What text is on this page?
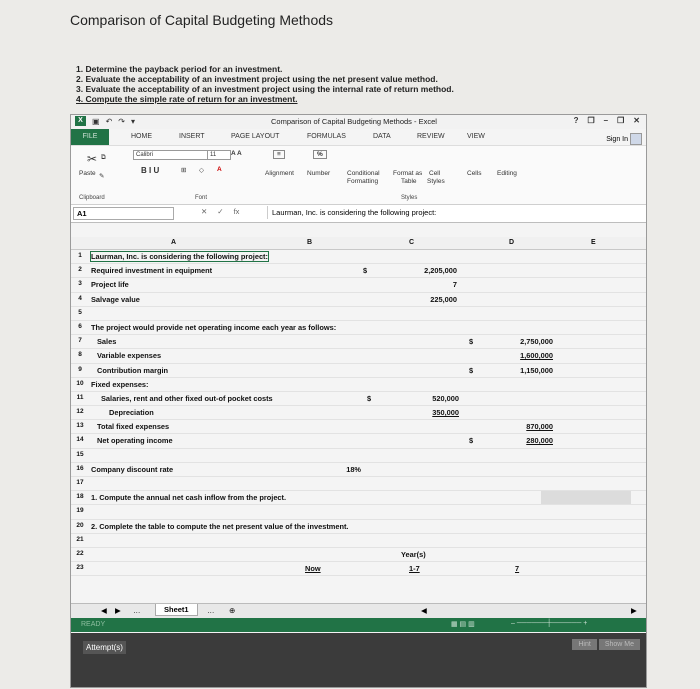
Comparison of Capital Budgeting Methods
1. Determine the payback period for an investment.
2. Evaluate the acceptability of an investment project using the net present value method.
3. Evaluate the acceptability of an investment project using the internal rate of return method.
4. Compute the simple rate of return for an investment.
X	▣ ↶ ↷ ▾	Comparison of Capital Budgeting Methods - Excel	? ❐ – ❐ ✕
FILE	HOME	INSERT	PAGE LAYOUT	FORMULAS	DATA	REVIEW	VIEW	Sign In
✂ ⧉
Paste ✎
Calibri	11	A A
B I U	⊞ ◇ A
≡
Alignment
%
Number	Conditional
Formatting
Format as
Table
Cell
Styles
Cells Editing
Clipboard	Font	Styles
A1	✕ ✓ fx	Laurman, Inc. is considering the following project:
A	B	C	D	E
1	Laurman, Inc. is considering the following project:
2	Required investment in equipment	$	2,205,000
3	Project life	7
4	Salvage value	225,000
5
6	The project would provide net operating income each year as follows:
7	Sales	$	2,750,000
8	Variable expenses	1,600,000
9	Contribution margin	$	1,150,000
10 Fixed expenses:
11	Salaries, rent and other fixed out-of pocket costs	$	520,000
12	Depreciation	350,000
13	Total fixed expenses	870,000
14	Net operating income	$	280,000
15
16 Company discount rate	18%
17
18 1. Compute the annual net cash inflow from the project.
19
20 2. Complete the table to compute the net present value of the investment.
21
22	Year(s)
23	Now	1-7	7
◀ ▶ …	Sheet1	… ⊕	◀	▶
READY	▦ ▤ ▥	– ──────┼────── +
Attempt(s)	Hint	Show Me
